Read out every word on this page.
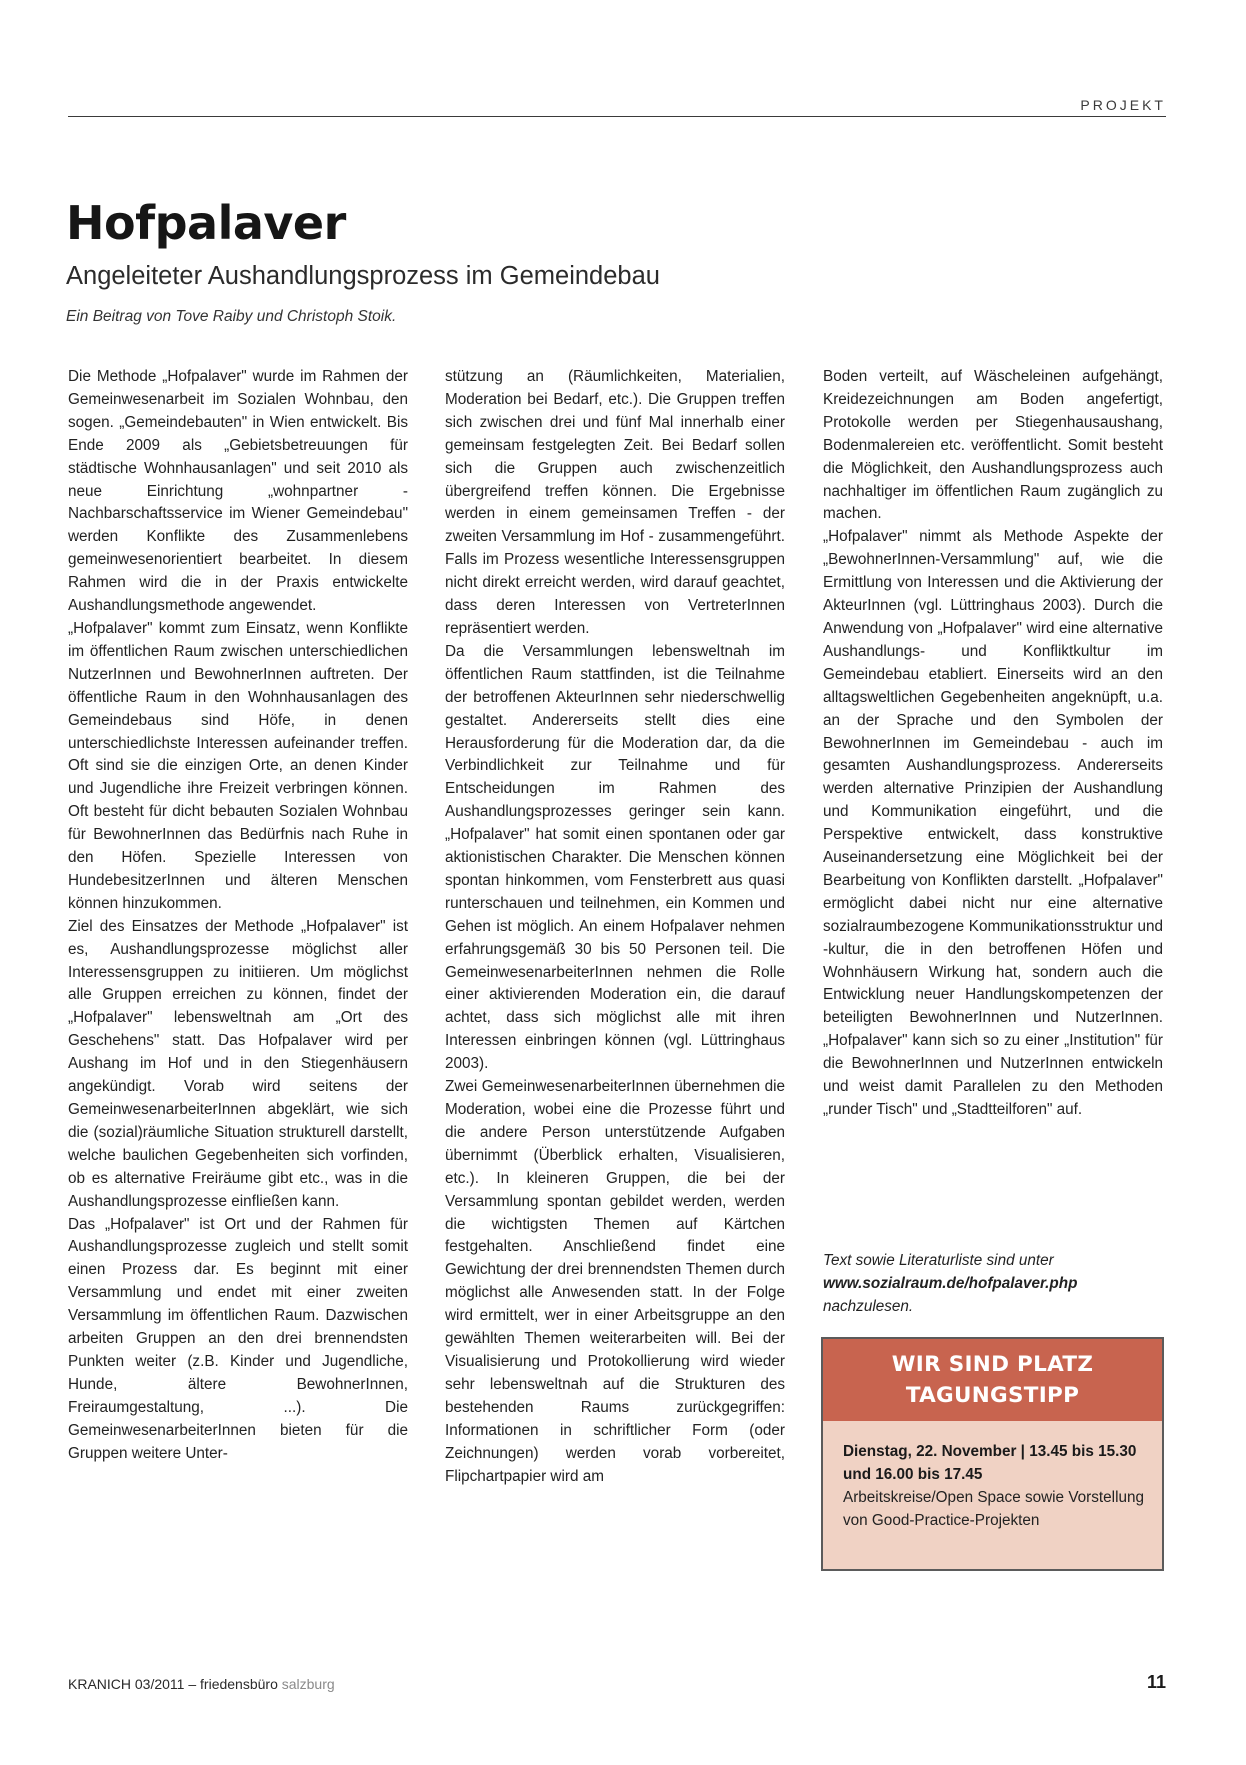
PROJEKT
Hofpalaver
Angeleiteter Aushandlungsprozess im Gemeindebau

Ein Beitrag von Tove Raiby und Christoph Stoik.

Die Methode „Hofpalaver" wurde im Rahmen der Gemeinwesenarbeit im Sozialen Wohnbau, den sogen. „Gemeindebauten" in Wien entwickelt. Bis Ende 2009 als „Gebietsbetreuungen für städtische Wohnhausanlagen" und seit 2010 als neue Einrichtung „wohnpartner - Nachbarschaftsservice im Wiener Gemeindebau" werden Konflikte des Zusammenlebens gemeinwesenorientiert bearbeitet. In diesem Rahmen wird die in der Praxis entwickelte Aushandlungsmethode angewendet.

„Hofpalaver" kommt zum Einsatz, wenn Konflikte im öffentlichen Raum zwischen unterschiedlichen NutzerInnen und BewohnerInnen auftreten. Der öffentliche Raum in den Wohnhausanlagen des Gemeindebaus sind Höfe, in denen unterschiedlichste Interessen aufeinander treffen. Oft sind sie die einzigen Orte, an denen Kinder und Jugendliche ihre Freizeit verbringen können. Oft besteht für dicht bebauten Sozialen Wohnbau für BewohnerInnen das Bedürfnis nach Ruhe in den Höfen. Spezielle Interessen von HundebesitzerInnen und älteren Menschen können hinzukommen.

Ziel des Einsatzes der Methode „Hofpalaver" ist es, Aushandlungsprozesse möglichst aller Interessensgruppen zu initiieren. Um möglichst alle Gruppen erreichen zu können, findet der „Hofpalaver" lebensweltnah am „Ort des Geschehens" statt. Das Hofpalaver wird per Aushang im Hof und in den Stiegenhäusern angekündigt. Vorab wird seitens der GemeinwesenarbeiterInnen abgeklärt, wie sich die (sozial)räumliche Situation strukturell darstellt, welche baulichen Gegebenheiten sich vorfinden, ob es alternative Freiräume gibt etc., was in die Aushandlungsprozesse einfließen kann.

Das „Hofpalaver" ist Ort und der Rahmen für Aushandlungsprozesse zugleich und stellt somit einen Prozess dar. Es beginnt mit einer Versammlung und endet mit einer zweiten Versammlung im öffentlichen Raum. Dazwischen arbeiten Gruppen an den drei brennendsten Punkten weiter (z.B. Kinder und Jugendliche, Hunde, ältere BewohnerInnen, Freiraumgestaltung, ...). Die GemeinwesenarbeiterInnen bieten für die Gruppen weitere Unter-

stützung an (Räumlichkeiten, Materialien, Moderation bei Bedarf, etc.). Die Gruppen treffen sich zwischen drei und fünf Mal innerhalb einer gemeinsam festgelegten Zeit. Bei Bedarf sollen sich die Gruppen auch zwischenzeitlich übergreifend treffen können. Die Ergebnisse werden in einem gemeinsamen Treffen - der zweiten Versammlung im Hof - zusammengeführt. Falls im Prozess wesentliche Interessensgruppen nicht direkt erreicht werden, wird darauf geachtet, dass deren Interessen von VertreterInnen repräsentiert werden.

Da die Versammlungen lebensweltnah im öffentlichen Raum stattfinden, ist die Teilnahme der betroffenen AkteurInnen sehr niederschwellig gestaltet. Andererseits stellt dies eine Herausforderung für die Moderation dar, da die Verbindlichkeit zur Teilnahme und für Entscheidungen im Rahmen des Aushandlungsprozesses geringer sein kann. „Hofpalaver" hat somit einen spontanen oder gar aktionistischen Charakter. Die Menschen können spontan hinkommen, vom Fensterbrett aus quasi runterschauen und teilnehmen, ein Kommen und Gehen ist möglich. An einem Hofpalaver nehmen erfahrungsgemäß 30 bis 50 Personen teil. Die GemeinwesenarbeiterInnen nehmen die Rolle einer aktivierenden Moderation ein, die darauf achtet, dass sich möglichst alle mit ihren Interessen einbringen können (vgl. Lüttringhaus 2003).

Zwei GemeinwesenarbeiterInnen übernehmen die Moderation, wobei eine die Prozesse führt und die andere Person unterstützende Aufgaben übernimmt (Überblick erhalten, Visualisieren, etc.). In kleineren Gruppen, die bei der Versammlung spontan gebildet werden, werden die wichtigsten Themen auf Kärtchen festgehalten. Anschließend findet eine Gewichtung der drei brennendsten Themen durch möglichst alle Anwesenden statt. In der Folge wird ermittelt, wer in einer Arbeitsgruppe an den gewählten Themen weiterarbeiten will. Bei der Visualisierung und Protokollierung wird wieder sehr lebensweltnah auf die Strukturen des bestehenden Raums zurückgegriffen: Informationen in schriftlicher Form (oder Zeichnungen) werden vorab vorbereitet, Flipchartpapier wird am

Boden verteilt, auf Wäscheleinen aufgehängt, Kreidezeichnungen am Boden angefertigt, Protokolle werden per Stiegenhausaushang, Bodenmalereien etc. veröffentlicht. Somit besteht die Möglichkeit, den Aushandlungsprozess auch nachhaltiger im öffentlichen Raum zugänglich zu machen.

„Hofpalaver" nimmt als Methode Aspekte der „BewohnerInnen-Versammlung" auf, wie die Ermittlung von Interessen und die Aktivierung der AkteurInnen (vgl. Lüttringhaus 2003). Durch die Anwendung von „Hofpalaver" wird eine alternative Aushandlungs- und Konfliktkultur im Gemeindebau etabliert. Einerseits wird an den alltagsweltlichen Gegebenheiten angeknüpft, u.a. an der Sprache und den Symbolen der BewohnerInnen im Gemeindebau - auch im gesamten Aushandlungsprozess. Andererseits werden alternative Prinzipien der Aushandlung und Kommunikation eingeführt, und die Perspektive entwickelt, dass konstruktive Auseinandersetzung eine Möglichkeit bei der Bearbeitung von Konflikten darstellt. „Hofpalaver" ermöglicht dabei nicht nur eine alternative sozialraumbezogene Kommunikationsstruktur und -kultur, die in den betroffenen Höfen und Wohnhäusern Wirkung hat, sondern auch die Entwicklung neuer Handlungskompetenzen der beteiligten BewohnerInnen und NutzerInnen. „Hofpalaver" kann sich so zu einer „Institution" für die BewohnerInnen und NutzerInnen entwickeln und weist damit Parallelen zu den Methoden „runder Tisch" und „Stadtteilforen" auf.

Text sowie Literaturliste sind unter

www.sozialraum.de/hofpalaver.php

nachzulesen.

WIR SIND PLATZ
TAGUNGSTIPP
Dienstag, 22. November | 13.45 bis 15.30 und 16.00 bis 17.45
Arbeitskreise/Open Space sowie Vorstellung von Good-Practice-Projekten
KRANICH 03/2011 – friedensbüro salzburg	11
